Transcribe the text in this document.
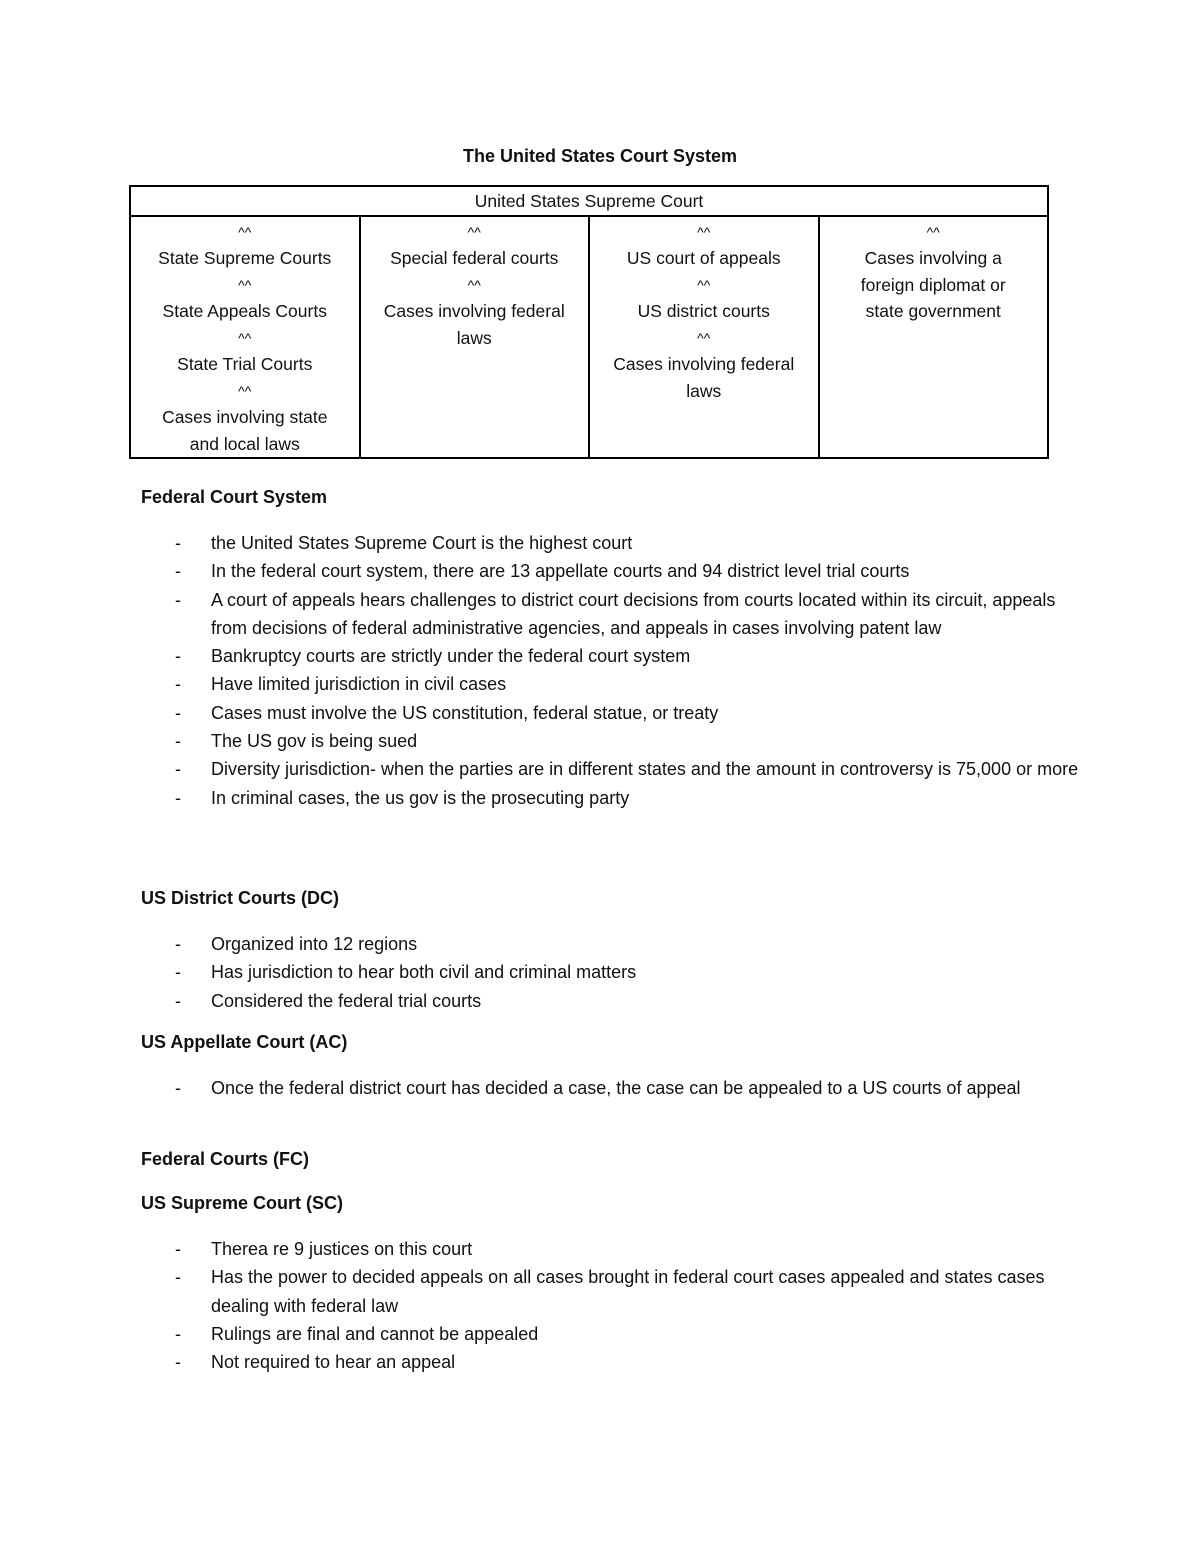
The United States Court System
United States Supreme Court

^^
State Supreme Courts
^^
State Appeals Courts
^^
State Trial Courts
^^
Cases involving state
and local laws

^^
Special federal courts
^^
Cases involving federal
laws

^^
US court of appeals
^^
US district courts
^^
Cases involving federal
laws

^^
Cases involving a
foreign diplomat or
state government

Federal Court System

- the United States Supreme Court is the highest court
- In the federal court system, there are 13 appellate courts and 94 district level trial courts
- A court of appeals hears challenges to district court decisions from courts located within its circuit, appeals from decisions of federal administrative agencies, and appeals in cases involving patent law
- Bankruptcy courts are strictly under the federal court system
- Have limited jurisdiction in civil cases
- Cases must involve the US constitution, federal statue, or treaty
- The US gov is being sued
- Diversity jurisdiction- when the parties are in different states and the amount in controversy is 75,000 or more
- In criminal cases, the us gov is the prosecuting party

US District Courts (DC)

- Organized into 12 regions
- Has jurisdiction to hear both civil and criminal matters
- Considered the federal trial courts

US Appellate Court (AC)

- Once the federal district court has decided a case, the case can be appealed to a US courts of appeal

Federal Courts (FC)

US Supreme Court (SC)

- Therea re 9 justices on this court
- Has the power to decided appeals on all cases brought in federal court cases appealed and states cases dealing with federal law
- Rulings are final and cannot be appealed
- Not required to hear an appeal
